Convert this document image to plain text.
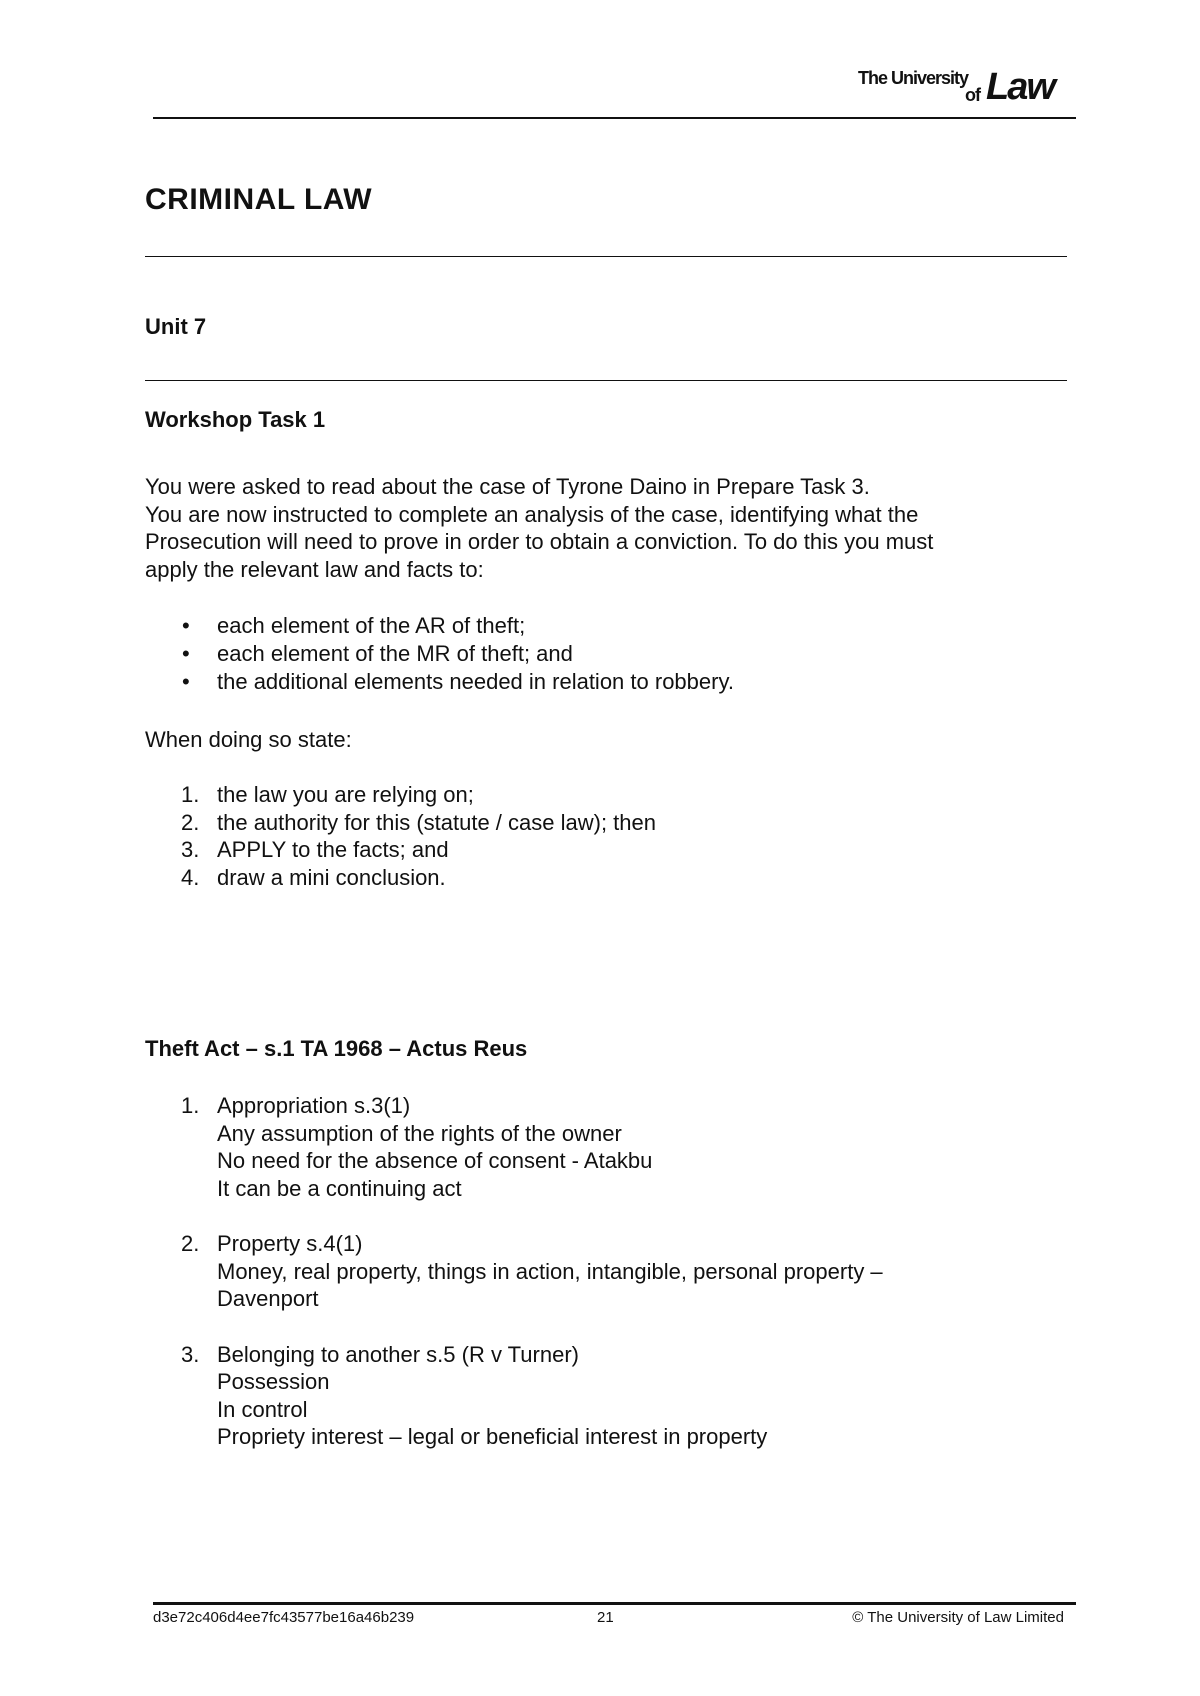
The University
of Law
CRIMINAL LAW
Unit 7
Workshop Task 1
You were asked to read about the case of Tyrone Daino in Prepare Task 3.
You are now instructed to complete an analysis of the case, identifying what the
Prosecution will need to prove in order to obtain a conviction. To do this you must
apply the relevant law and facts to:
• each element of the AR of theft;
• each element of the MR of theft; and
• the additional elements needed in relation to robbery.
When doing so state:
1. the law you are relying on;
2. the authority for this (statute / case law); then
3. APPLY to the facts; and
4. draw a mini conclusion.
Theft Act – s.1 TA 1968 – Actus Reus
1. Appropriation s.3(1)
Any assumption of the rights of the owner
No need for the absence of consent - Atakbu
It can be a continuing act
2. Property s.4(1)
Money, real property, things in action, intangible, personal property –
Davenport
3. Belonging to another s.5 (R v Turner)
Possession
In control
Propriety interest – legal or beneficial interest in property
d3e72c406d4ee7fc43577be16a46b239	21	© The University of Law Limited
